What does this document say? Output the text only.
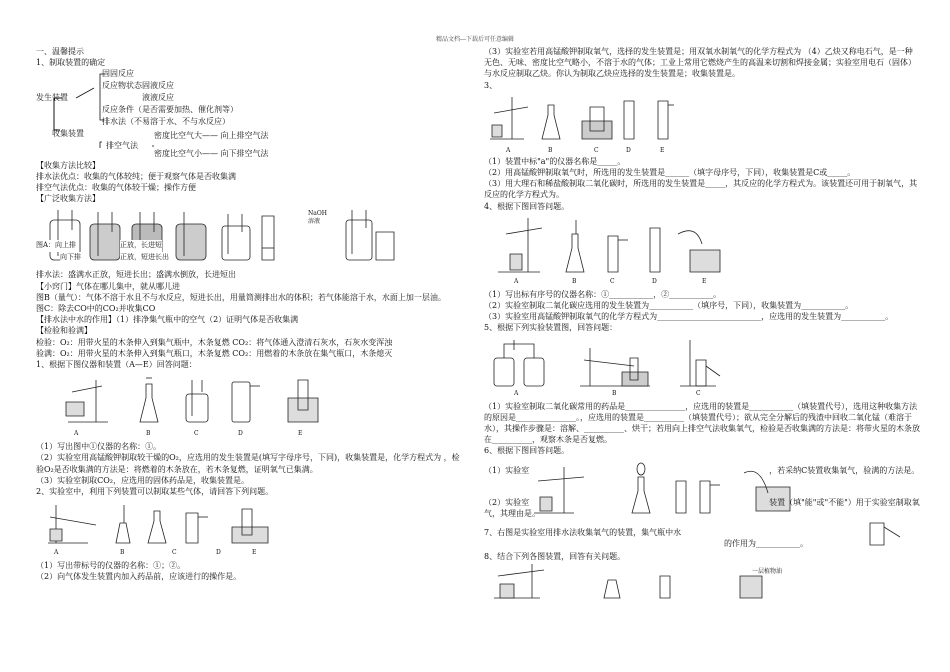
精品文档---下载后可任意编辑
一、温馨提示
1、制取装置的确定
发生装置
固固反应
反应物状态固液反应
液液反应
反应条件（是否需要加热、催化剂等）
排水法（不易溶于水、不与水反应）
收集装置
排空气法
密度比空气大—— 向上排空气法
密度比空气小—— 向下排空气法
【收集方法比较】
排水法优点：收集的气体较纯；便于观察气体是否收集满
排空气法优点：收集的气体较干燥；操作方便
【广泛收集方法】
NaOH
溶液
图A：向上排	正放，长进短
向下排	正放，短进长出
排水法：盛满水正放，短进长出；盛满水倒放，长进短出
【小窍门】气体在哪儿集中，就从哪儿进
图B（量气）：气体不溶于水且不与水反应，短进长出，用量筒测排出水的体积；若气体能溶于水，水面上加一层油。
图C：除去CO中的CO₂并收集CO
【排水法中水的作用】（1）排净集气瓶中的空气（2）证明气体是否收集满
【检验和验满】
检验：O₂：用带火星的木条伸入到集气瓶中，木条复燃 CO₂：将气体通入澄清石灰水，石灰水变浑浊
验满：O₂：用带火星的木条伸入到集气瓶口，木条复燃 CO₂：用燃着的木条放在集气瓶口，木条熄灭
1、根据下图仪器和装置（A—E）回答问题：
A	B	C	D	E
（1）写出图中①仪器的名称：①。
（2）实验室用高锰酸钾制取较干燥的O₂，应选用的发生装置是(填写字母序号，下同)，收集装置是，化学方程式为 ，检验O₂是否收集满的方法是：将燃着的木条放在，若木条复燃，证明氧气已集满。
（3）实验室制取CO₂，应选用的固体药品是，收集装置是。
2、实验室中，利用下列装置可以制取某些气体，请回答下列问题。
A	B	C	D	E
（1）写出带标号的仪器的名称：①；②。
（2）向气体发生装置内加入药品前，应该进行的操作是。
（3）实验室若用高锰酸钾制取氧气，选择的发生装置是；用双氧水制氧气的化学方程式为 （4）乙炔又称电石气，是一种无色、无味、密度比空气略小，不溶于水的气体；工业上常用它燃烧产生的高温来切割和焊接金属；实验室用电石（固体）与水反应制取乙炔。你认为制取乙炔应选择的发生装置是；收集装置是。
3、
A	B	C	D	E
（1）装置中标"a"的仪器名称是_____。
（2）用高锰酸钾制取氧气时，所选用的发生装置是______（填字母序号，下同），收集装置是C或_____。
（3）用大理石和稀盐酸制取二氧化碳时，所选用的发生装置是_____，其反应的化学方程式为。该装置还可用于制氧气，其反应的化学方程式为。
4、根据下图回答问题。
A	B	C	D	E
（1）写出标有序号的仪器名称：①___________，②___________。
（2）实验室制取二氧化碳应选用的发生装置为___________（填序号，下同），收集装置为___________。
（3）实验室用高锰酸钾制取氧气的化学方程式为__________________________，应选用的发生装置为___________。
5、根据下列实验装置图，回答问题：
A	B	C
（1）实验室制取二氧化碳常用的药品是_______________，应选用的装置是___________（填装置代号），选用这种收集方法的原因是_______________。，应选用的装置是__________（填装置代号）；欲从完全分解后的残渣中回收二氧化锰（难溶于水），其操作步骤是：溶解、__________、烘干；若用向上排空气法收集氧气，检验是否收集满的方法是：将带火星的木条放在__________，观察木条是否复燃。
6、根据下图回答问题。
（1）实验室	，若采纳C装置收集氧气，验满的方法是。
（2）实验室	装置（填"能"或"不能"）用于实验室制取氧气，其理由是。
7、右图是实验室用排水法收集氧气的装置，集气瓶中水
的作用为___________。
8、结合下列各图装置，回答有关问题。
一层植物油
